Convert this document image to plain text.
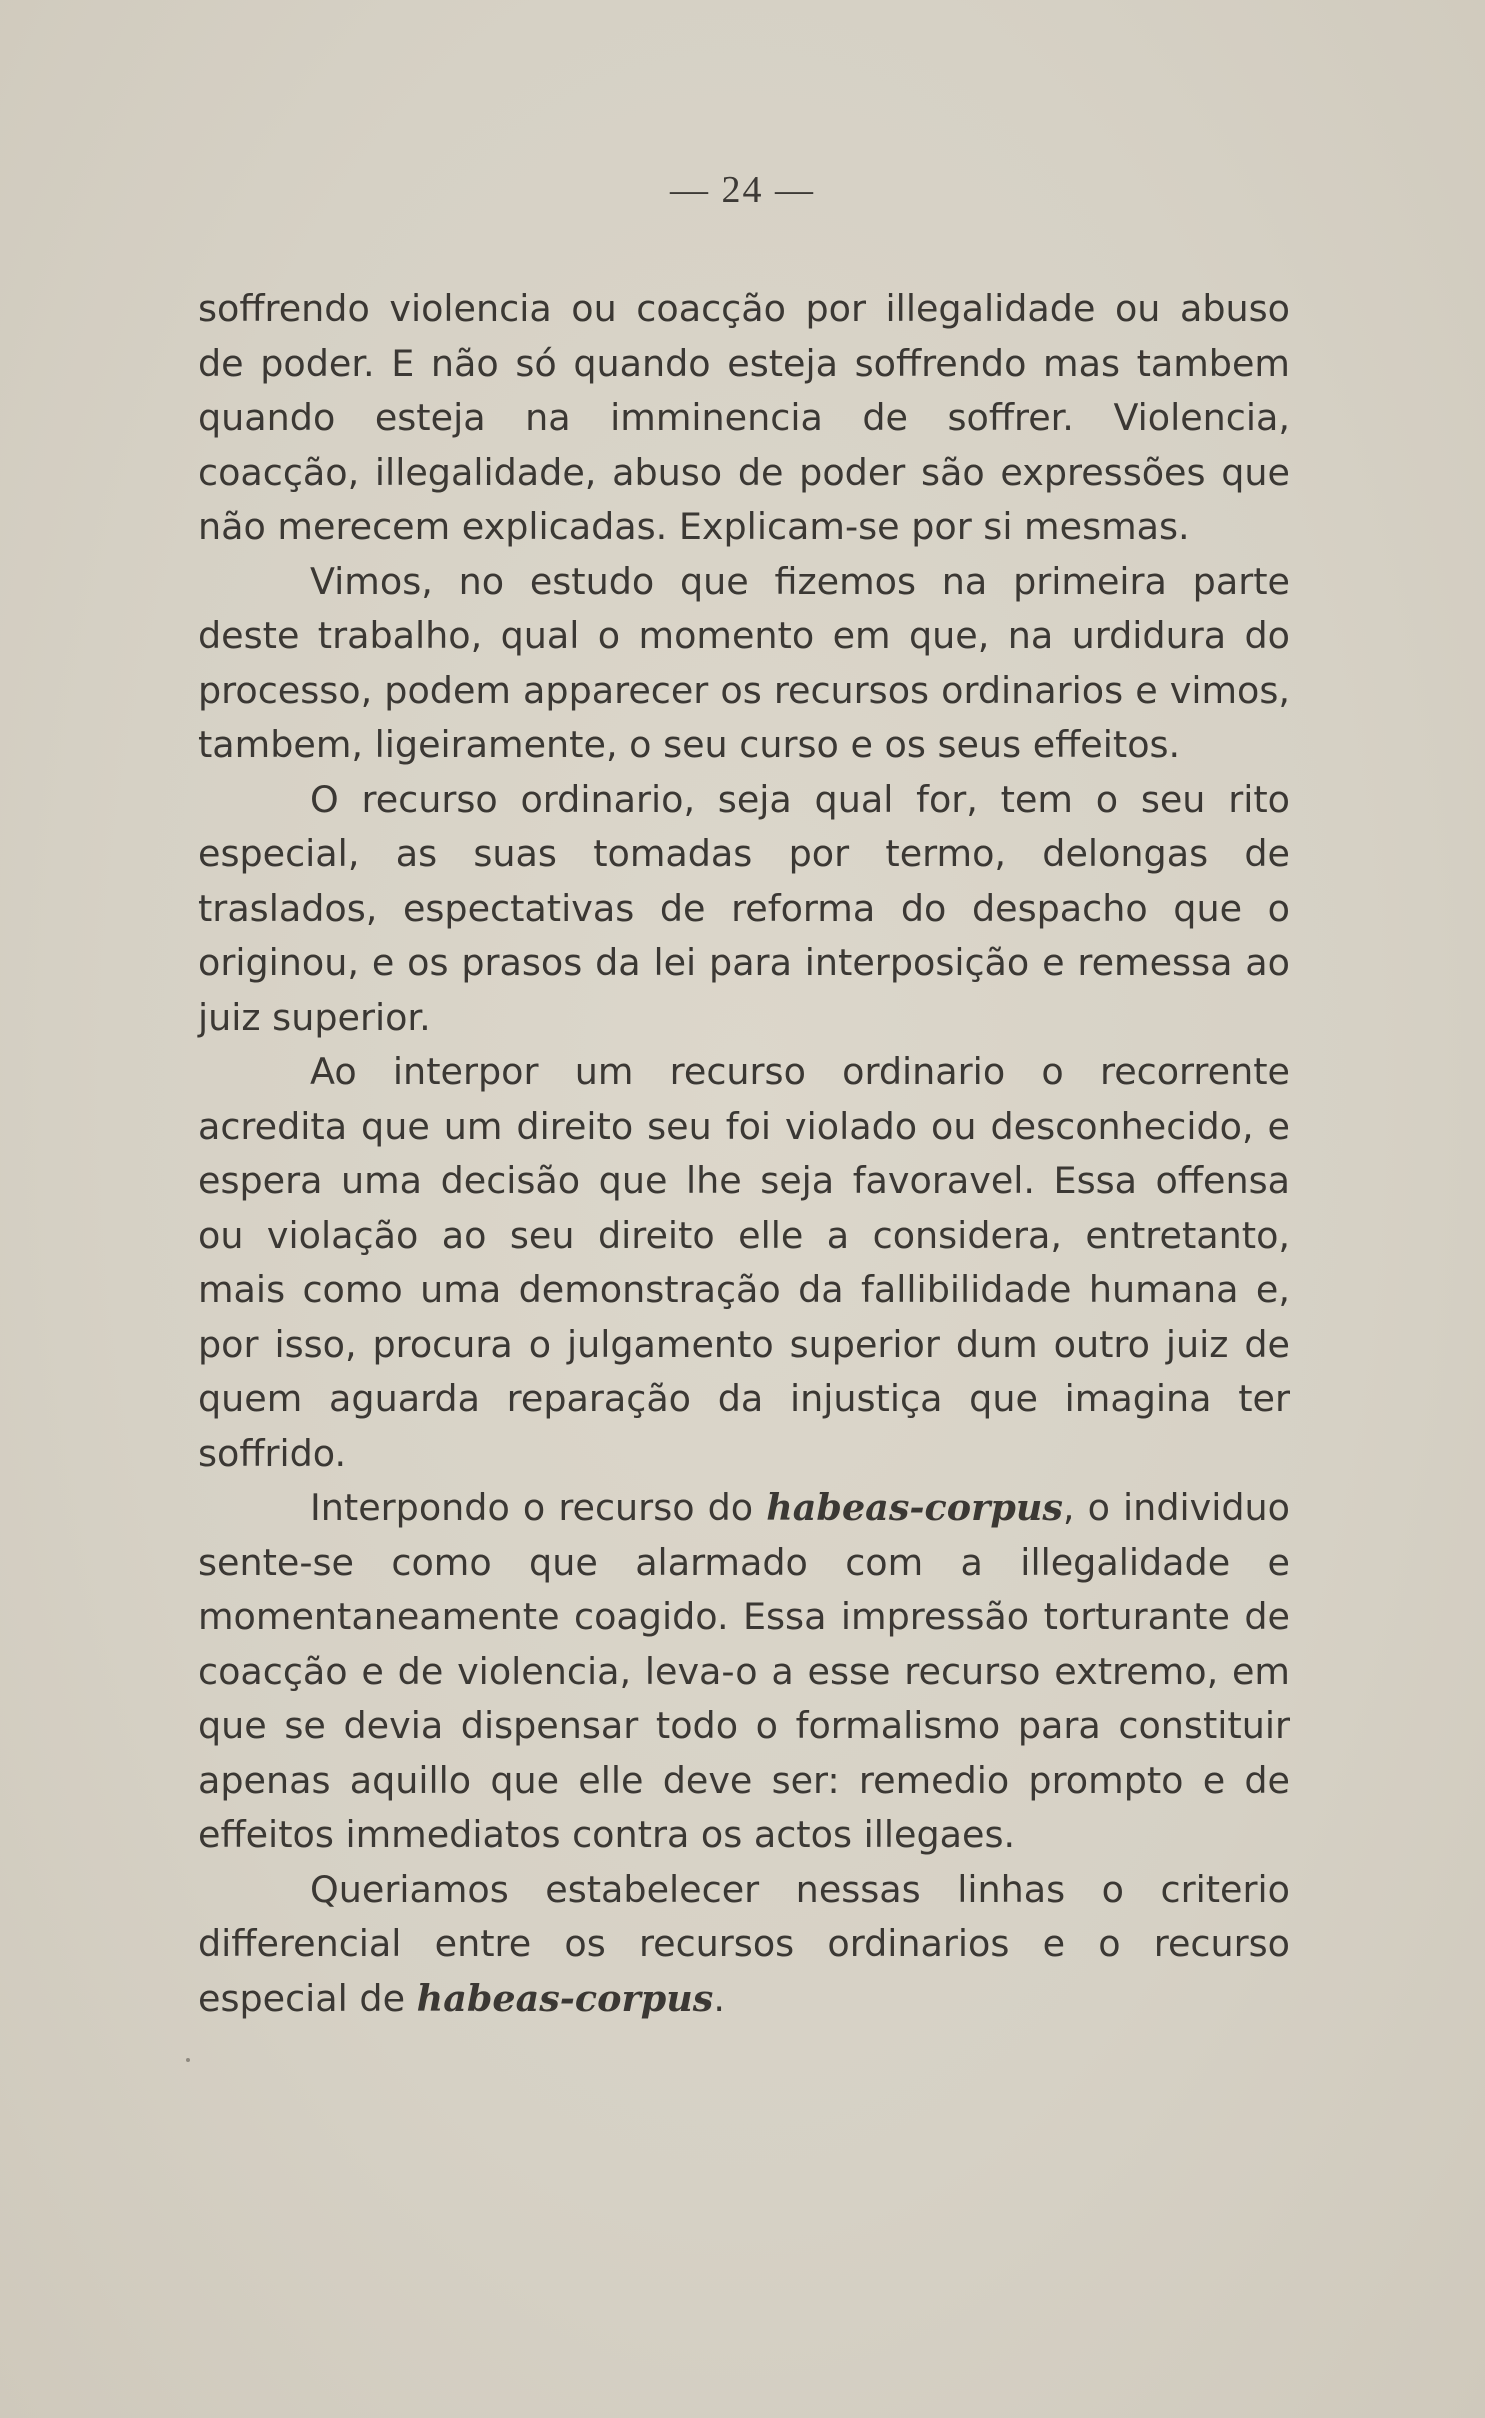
— 24 —

soffrendo violencia ou coacção por illegalidade ou abuso de poder. E não só quando esteja soffrendo mas tambem quando esteja na imminencia de soffrer. Violencia, coacção, illegalidade, abuso de poder são expressões que não merecem explicadas. Explicam-se por si mesmas.

Vimos, no estudo que fizemos na primeira parte deste trabalho, qual o momento em que, na urdidura do processo, podem apparecer os recursos ordinarios e vimos, tambem, ligeiramente, o seu curso e os seus effeitos.

O recurso ordinario, seja qual for, tem o seu rito especial, as suas tomadas por termo, delongas de traslados, espectativas de reforma do despacho que o originou, e os prasos da lei para interposição e remessa ao juiz superior.

Ao interpor um recurso ordinario o recorrente acredita que um direito seu foi violado ou desconhecido, e espera uma decisão que lhe seja favoravel. Essa offensa ou violação ao seu direito elle a considera, entretanto, mais como uma demonstração da fallibilidade humana e, por isso, procura o julgamento superior dum outro juiz de quem aguarda reparação da injustiça que imagina ter soffrido.

Interpondo o recurso do habeas-corpus, o individuo sente-se como que alarmado com a illegalidade e momentaneamente coagido. Essa impressão torturante de coacção e de violencia, leva-o a esse recurso extremo, em que se devia dispensar todo o formalismo para constituir apenas aquillo que elle deve ser: remedio prompto e de effeitos immediatos contra os actos illegaes.

Queriamos estabelecer nessas linhas o criterio differencial entre os recursos ordinarios e o recurso especial de habeas-corpus.
